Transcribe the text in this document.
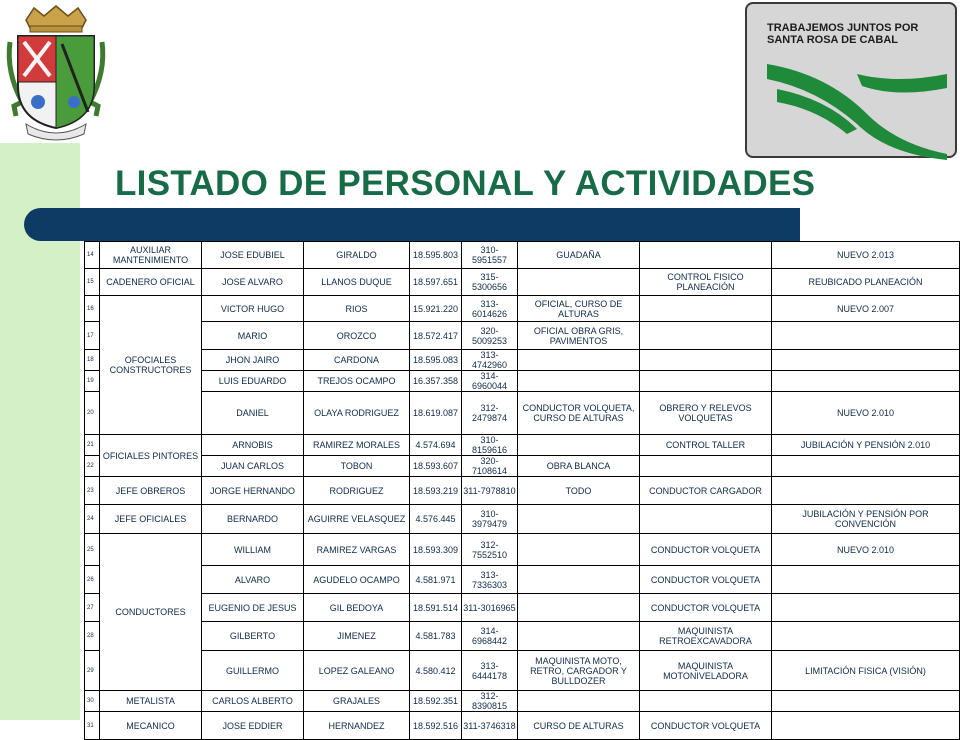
TRABAJEMOS JUNTOS POR SANTA ROSA DE CABAL
LISTADO DE PERSONAL Y ACTIVIDADES
14	AUXILIAR MANTENIMIENTO	JOSE EDUBIEL	GIRALDO	18.595.803	310-5951557	GUADAÑA		NUEVO 2.013
15	CADENERO OFICIAL	JOSE ALVARO	LLANOS DUQUE	18.597.651	315-5300656		CONTROL FISICO PLANEACIÓN	REUBICADO PLANEACIÓN
16	OFOCIALES CONSTRUCTORES	VICTOR HUGO	RIOS	15.921.220	313-6014626	OFICIAL, CURSO DE ALTURAS		NUEVO 2.007
17		MARIO	OROZCO	18.572.417	320-5009253	OFICIAL OBRA GRIS, PAVIMENTOS		
18		JHON JAIRO	CARDONA	18.595.083	313-4742960			
19		LUIS EDUARDO	TREJOS OCAMPO	16.357.358	314-6960044			
20		DANIEL	OLAYA RODRIGUEZ	18.619.087	312-2479874	CONDUCTOR VOLQUETA, CURSO DE ALTURAS	OBRERO Y RELEVOS VOLQUETAS	NUEVO 2.010
21	OFICIALES PINTORES	ARNOBIS	RAMIREZ MORALES	4.574.694	310-8159616		CONTROL TALLER	JUBILACIÓN Y PENSIÓN 2.010
22		JUAN CARLOS	TOBON	18.593.607	320-7108614	OBRA BLANCA		
23	JEFE OBREROS	JORGE HERNANDO	RODRIGUEZ	18.593.219	311-7978810	TODO	CONDUCTOR CARGADOR	
24	JEFE OFICIALES	BERNARDO	AGUIRRE VELASQUEZ	4.576.445	310-3979479			JUBILACIÓN Y PENSIÓN POR CONVENCIÓN
25	CONDUCTORES	WILLIAM	RAMIREZ VARGAS	18.593.309	312-7552510		CONDUCTOR VOLQUETA	NUEVO 2.010
26		ALVARO	AGUDELO OCAMPO	4.581.971	313-7336303		CONDUCTOR VOLQUETA	
27		EUGENIO DE JESUS	GIL BEDOYA	18.591.514	311-3016965		CONDUCTOR VOLQUETA	
28		GILBERTO	JIMENEZ	4.581.783	314-6968442		MAQUINISTA RETROEXCAVADORA	
29		GUILLERMO	LOPEZ GALEANO	4.580.412	313-6444178	MAQUINISTA MOTO, RETRO, CARGADOR Y BULLDOZER	MAQUINISTA MOTONIVELADORA	LIMITACIÓN FISICA (VISIÓN)
30	METALISTA	CARLOS ALBERTO	GRAJALES	18.592.351	312-8390815			
31	MECANICO	JOSE EDDIER	HERNANDEZ	18.592.516	311-3746318	CURSO DE ALTURAS	CONDUCTOR VOLQUETA	
